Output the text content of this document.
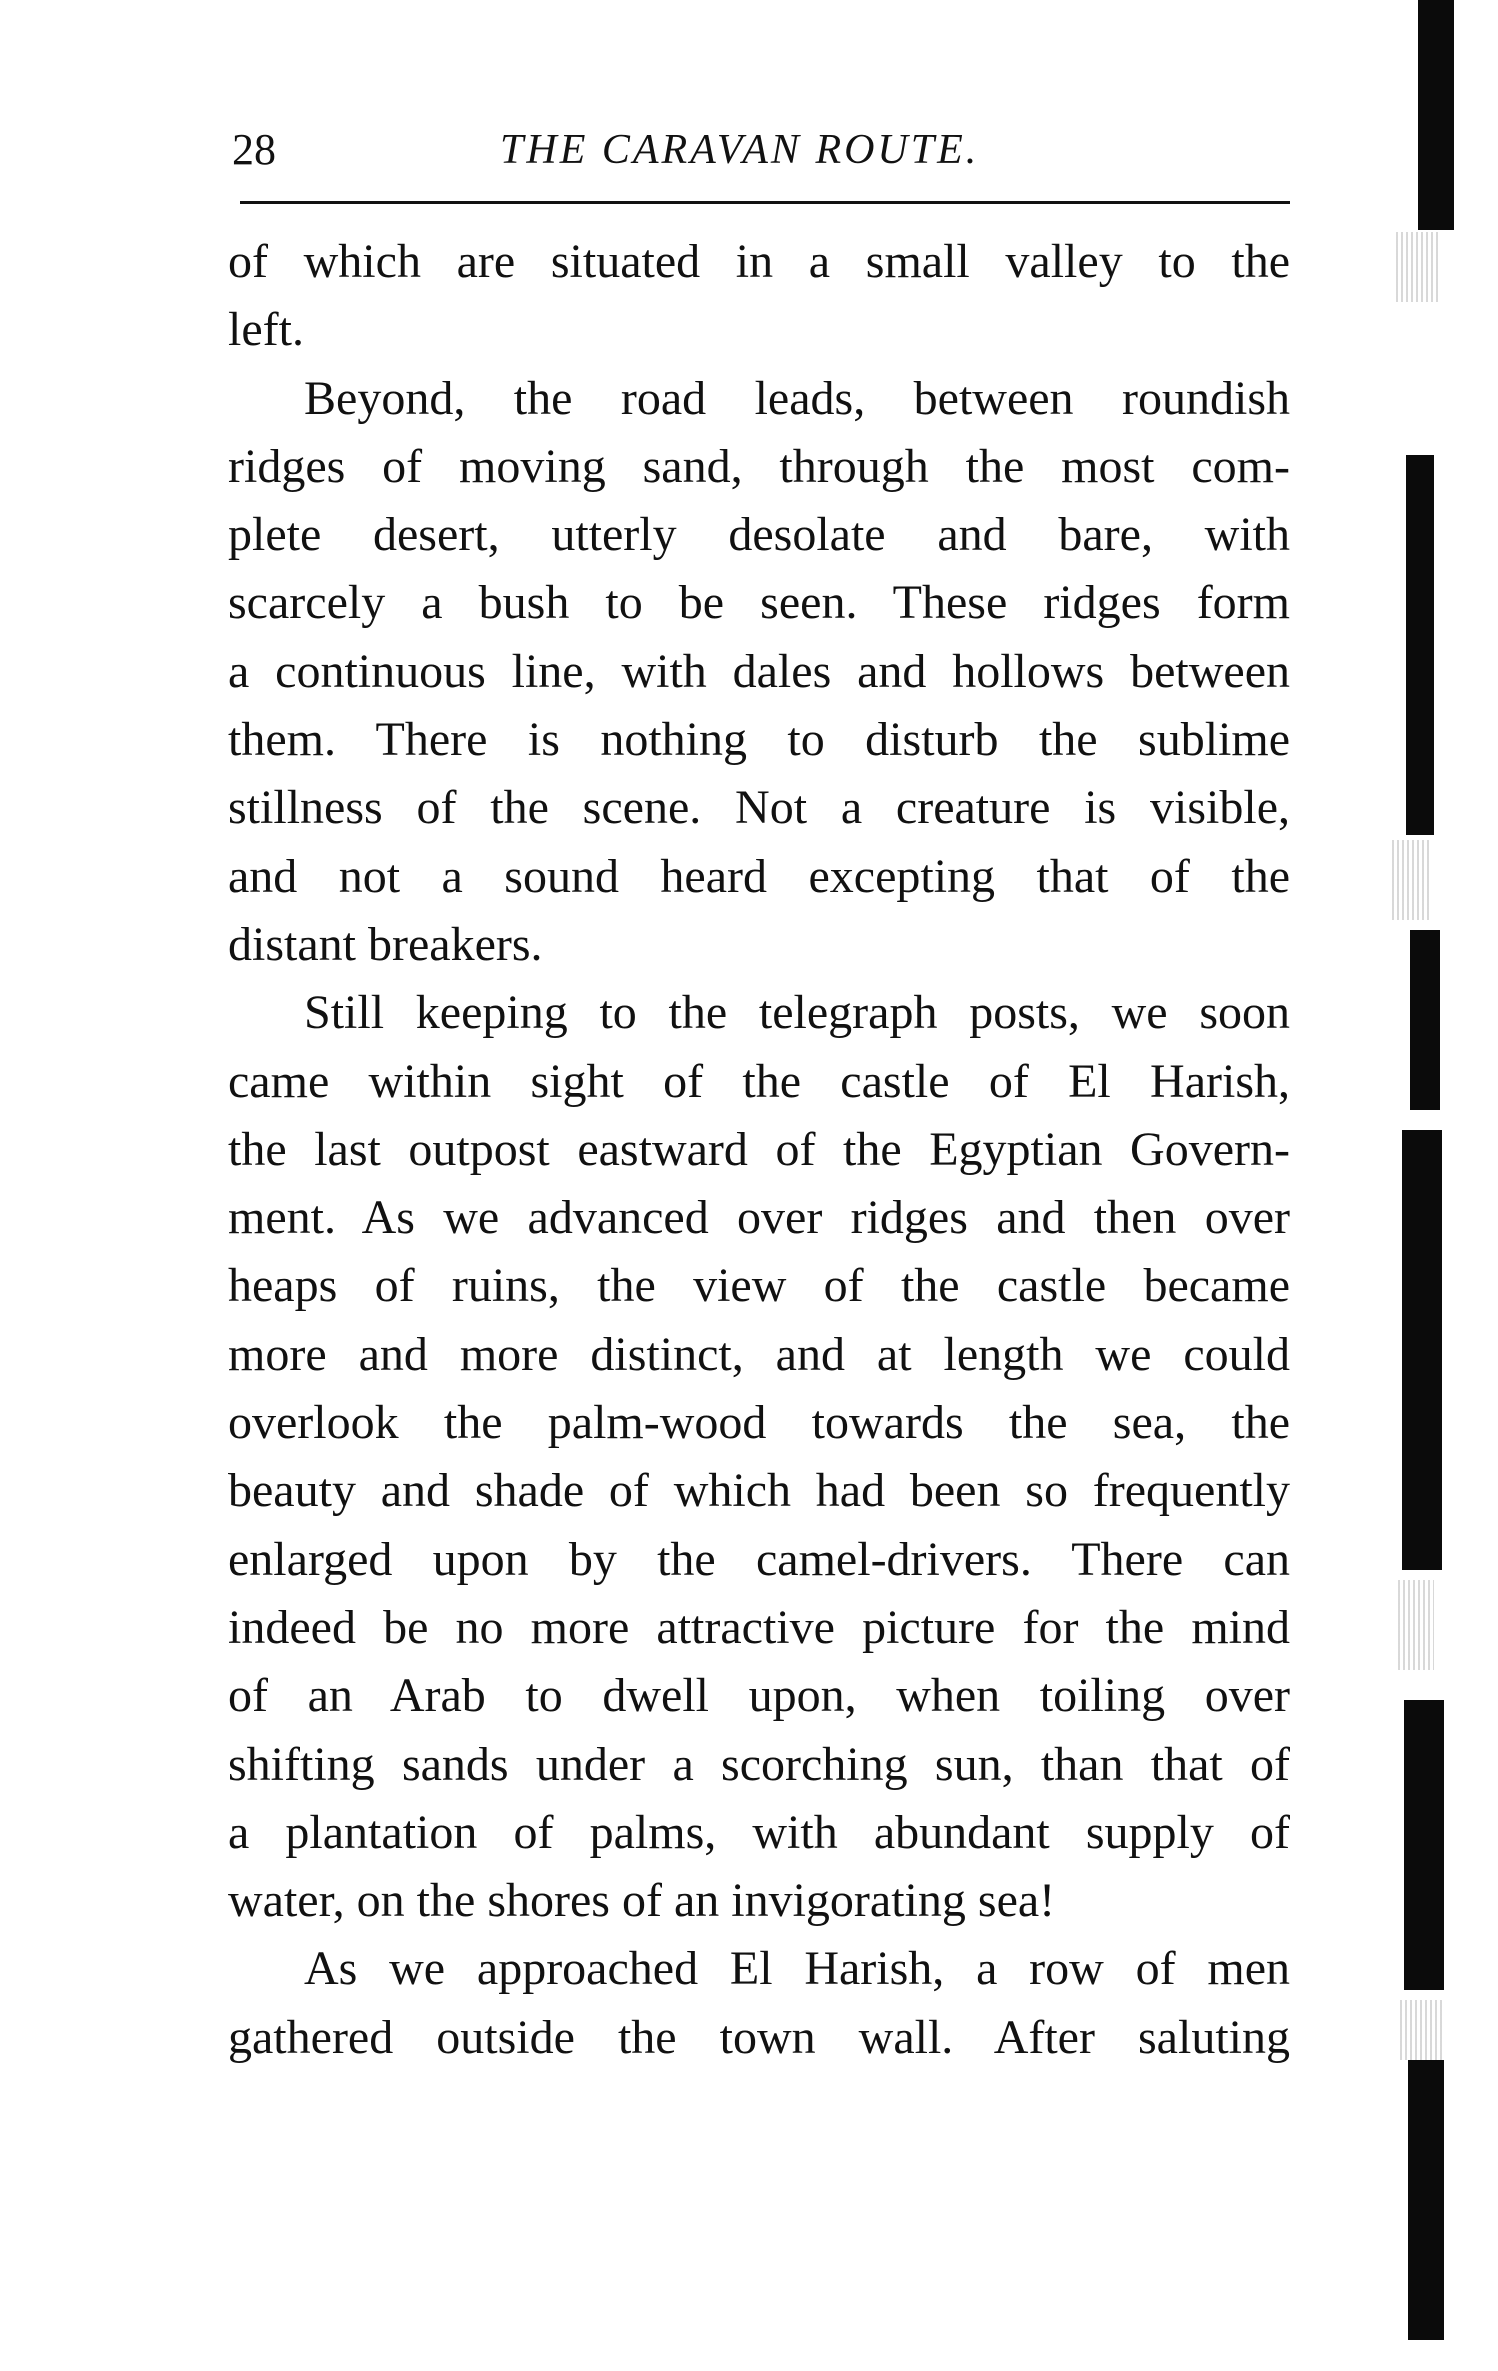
28	THE CARAVAN ROUTE.
of which are situated in a small valley to the
left.
Beyond, the road leads, between roundish
ridges of moving sand, through the most com-
plete desert, utterly desolate and bare, with
scarcely a bush to be seen. These ridges form
a continuous line, with dales and hollows between
them. There is nothing to disturb the sublime
stillness of the scene. Not a creature is visible,
and not a sound heard excepting that of the
distant breakers.
Still keeping to the telegraph posts, we soon
came within sight of the castle of El Harish,
the last outpost eastward of the Egyptian Govern-
ment. As we advanced over ridges and then over
heaps of ruins, the view of the castle became
more and more distinct, and at length we could
overlook the palm-wood towards the sea, the
beauty and shade of which had been so frequently
enlarged upon by the camel-drivers. There can
indeed be no more attractive picture for the mind
of an Arab to dwell upon, when toiling over
shifting sands under a scorching sun, than that of
a plantation of palms, with abundant supply of
water, on the shores of an invigorating sea!
As we approached El Harish, a row of men
gathered outside the town wall. After saluting
